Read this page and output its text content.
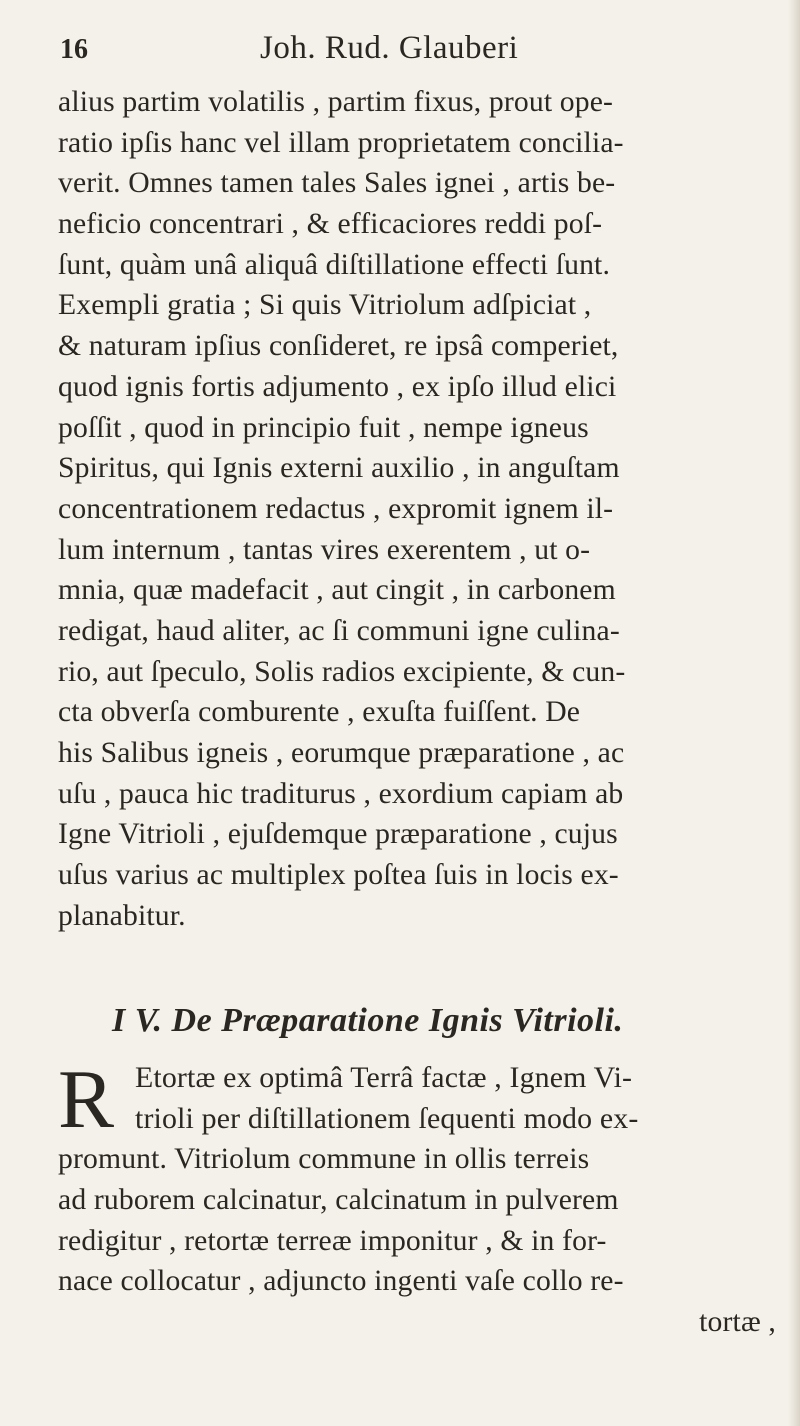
16	Joh. Rud. Glauberi
alius partim volatilis , partim fixus, prout ope-
ratio ipſis hanc vel illam proprietatem concilia-
verit. Omnes tamen tales Sales ignei , artis be-
neficio concentrari , & efficaciores reddi poſ-
ſunt, quàm unâ aliquâ diſtillatione effecti ſunt.
Exempli gratia ; Si quis Vitriolum adſpiciat ,
& naturam ipſius conſideret, re ipsâ comperiet,
quod ignis fortis adjumento , ex ipſo illud elici
poſſit , quod in principio fuit , nempe igneus
Spiritus, qui Ignis externi auxilio , in anguſtam
concentrationem redactus , expromit ignem il-
lum internum , tantas vires exerentem , ut o-
mnia, quæ madefacit , aut cingit , in carbonem
redigat, haud aliter, ac ſi communi igne culina-
rio, aut ſpeculo, Solis radios excipiente, & cun-
cta obverſa comburente , exuſta fuiſſent. De
his Salibus igneis , eorumque præparatione , ac
uſu , pauca hic traditurus , exordium capiam ab
Igne Vitrioli , ejuſdemque præparatione , cujus
uſus varius ac multiplex poſtea ſuis in locis ex-
planabitur.
I V. De Præparatione Ignis Vitrioli.
R Etortæ ex optimâ Terrâ factæ , Ignem Vi-
trioli per diſtillationem ſequenti modo ex-
promunt. Vitriolum commune in ollis terreis
ad ruborem calcinatur, calcinatum in pulverem
redigitur , retortæ terreæ imponitur , & in for-
nace collocatur , adjuncto ingenti vaſe collo re-
tortæ ,
